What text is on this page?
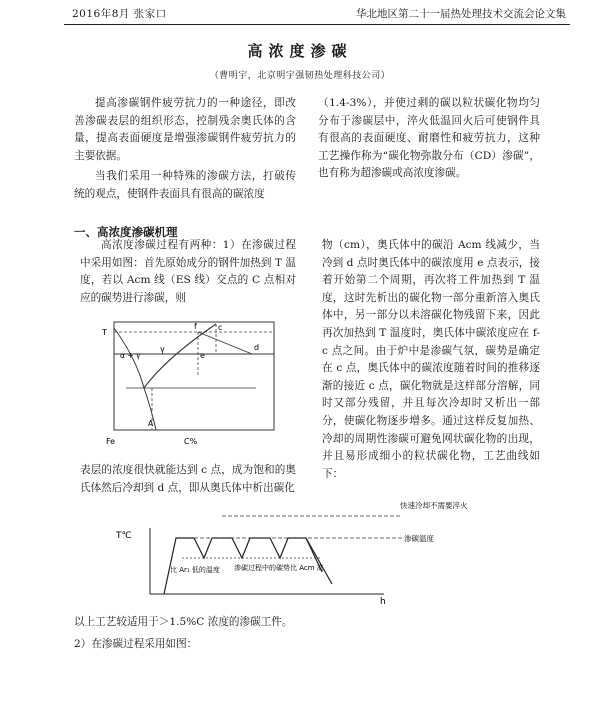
2016年8月 张家口	华北地区第二十一届热处理技术交流会论文集
高浓度渗碳
（曹明宇，北京明宇强韧热处理科技公司）

提高渗碳钢件疲劳抗力的一种途径，即改善渗碳表层的组织形态，控制残余奥氏体的含量，提高表面硬度是增强渗碳钢件疲劳抗力的主要依据。

当我们采用一种特殊的渗碳方法，打破传统的观点，使钢件表面具有很高的碳浓度

（1.4-3%），并使过剩的碳以粒状碳化物均匀分布于渗碳层中，淬火低温回火后可使钢件具有很高的表面硬度、耐磨性和疲劳抗力，这种工艺操作称为“碳化物弥散分布（CD）渗碳”，也有称为超渗碳或高浓度渗碳。

一、高浓度渗碳机理

高浓度渗碳过程有两种：1）在渗碳过程中采用如图：首先原始成分的钢件加热到 T 温度，若以 Acm 线（ES 线）交点的 C 点相对应的碳势进行渗碳，则

表层的浓度很快就能达到 c 点，成为饱和的奥氏体然后冷却到 d 点，即从奥氏体中析出碳化

物（cm），奥氏体中的碳沿 Acm 线减少，当冷到 d 点时奥氏体中的碳浓度用 e 点表示，接着开始第二个周期，再次将工件加热到 T 温度，这时先析出的碳化物一部分重新溶入奥氏体中，另一部分以未溶碳化物残留下来，因此再次加热到 T 温度时，奥氏体中碳浓度应在 f-c 点之间。由于炉中是渗碳气氛，碳势是确定在 c 点，奥氏体中的碳浓度随着时间的推移逐渐的接近 c 点，碳化物就是这样部分溶解，同时又部分残留，并且每次冷却时又析出一部分，使碳化物逐步增多。通过这样反复加热、冷却的周期性渗碳可避免网状碳化物的出现，并且易形成细小的粒状碳化物，工艺曲线如下：

T
f	c
d
e
α + γ
γ
A
Fe	C%
T℃
h
快速冷却不需要淬火
渗碳温度
比 Ar₁ 低的温度 渗碳过程中的碳势比 Acm 高

以上工艺较适用于＞1.5%C 浓度的渗碳工件。

2）在渗碳过程采用如图：
